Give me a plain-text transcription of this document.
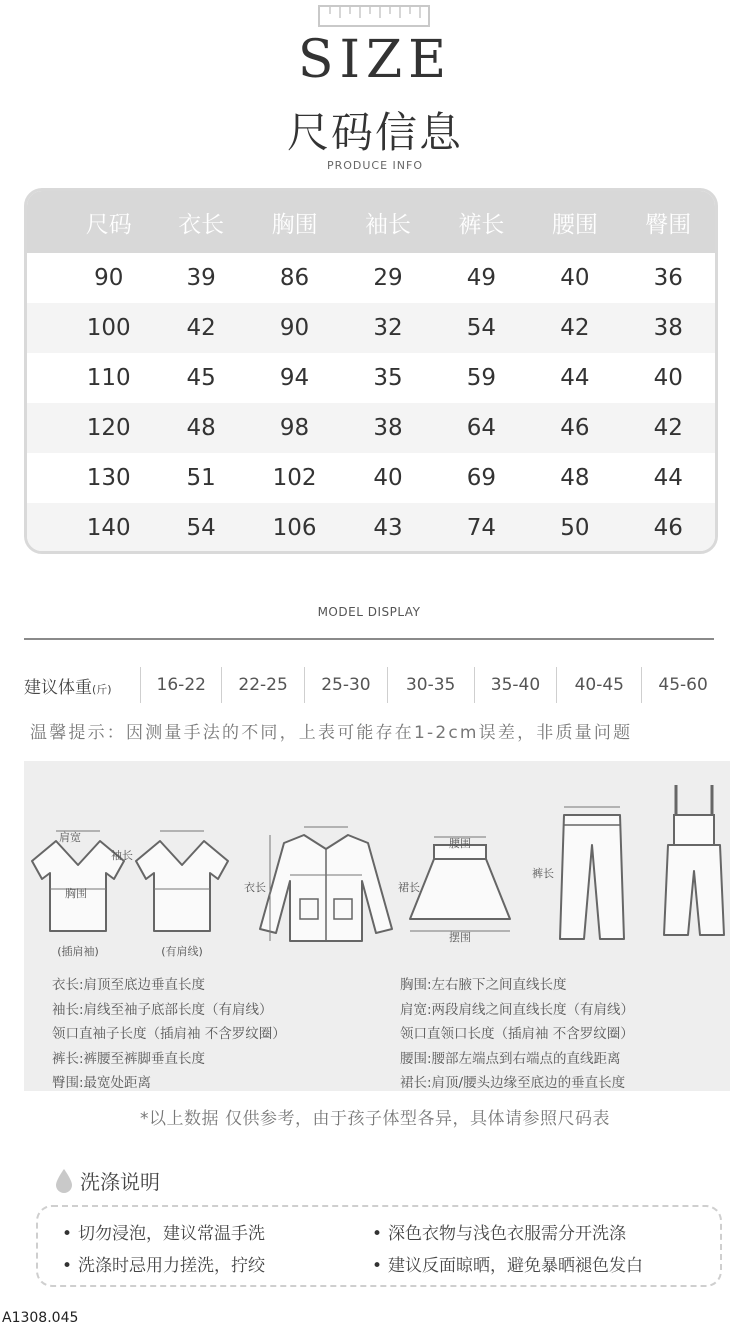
SIZE
尺码信息
PRODUCE INFO
尺码	衣长	胸围	袖长	裤长	腰围	臀围
90	39	86	29	49	40	36
100	42	90	32	54	42	38
110	45	94	35	59	44	40
120	48	98	38	64	46	42
130	51	102	40	69	48	44
140	54	106	43	74	50	46
MODEL DISPLAY
建议体重(斤)	16-22	22-25	25-30	30-35	35-40	40-45	45-60
温馨提示：因测量手法的不同，上表可能存在1-2cm误差，非质量问题
肩宽
胸围
袖长
(插肩袖)	(有肩线)
衣长
腰围
摆围
裙长
裤长
衣长:肩顶至底边垂直长度
袖长:肩线至袖子底部长度（有肩线）
领口直袖子长度（插肩袖 不含罗纹圈）
裤长:裤腰至裤脚垂直长度
臀围:最宽处距离
胸围:左右腋下之间直线长度
肩宽:两段肩线之间直线长度（有肩线）
领口直领口长度（插肩袖 不含罗纹圈）
腰围:腰部左端点到右端点的直线距离
裙长:肩顶/腰头边缘至底边的垂直长度
*以上数据 仅供参考，由于孩子体型各异，具体请参照尺码表
洗涤说明
• 切勿浸泡，建议常温手洗	• 深色衣物与浅色衣服需分开洗涤
• 洗涤时忌用力搓洗，拧绞	• 建议反面晾晒，避免暴晒褪色发白
A1308.045
